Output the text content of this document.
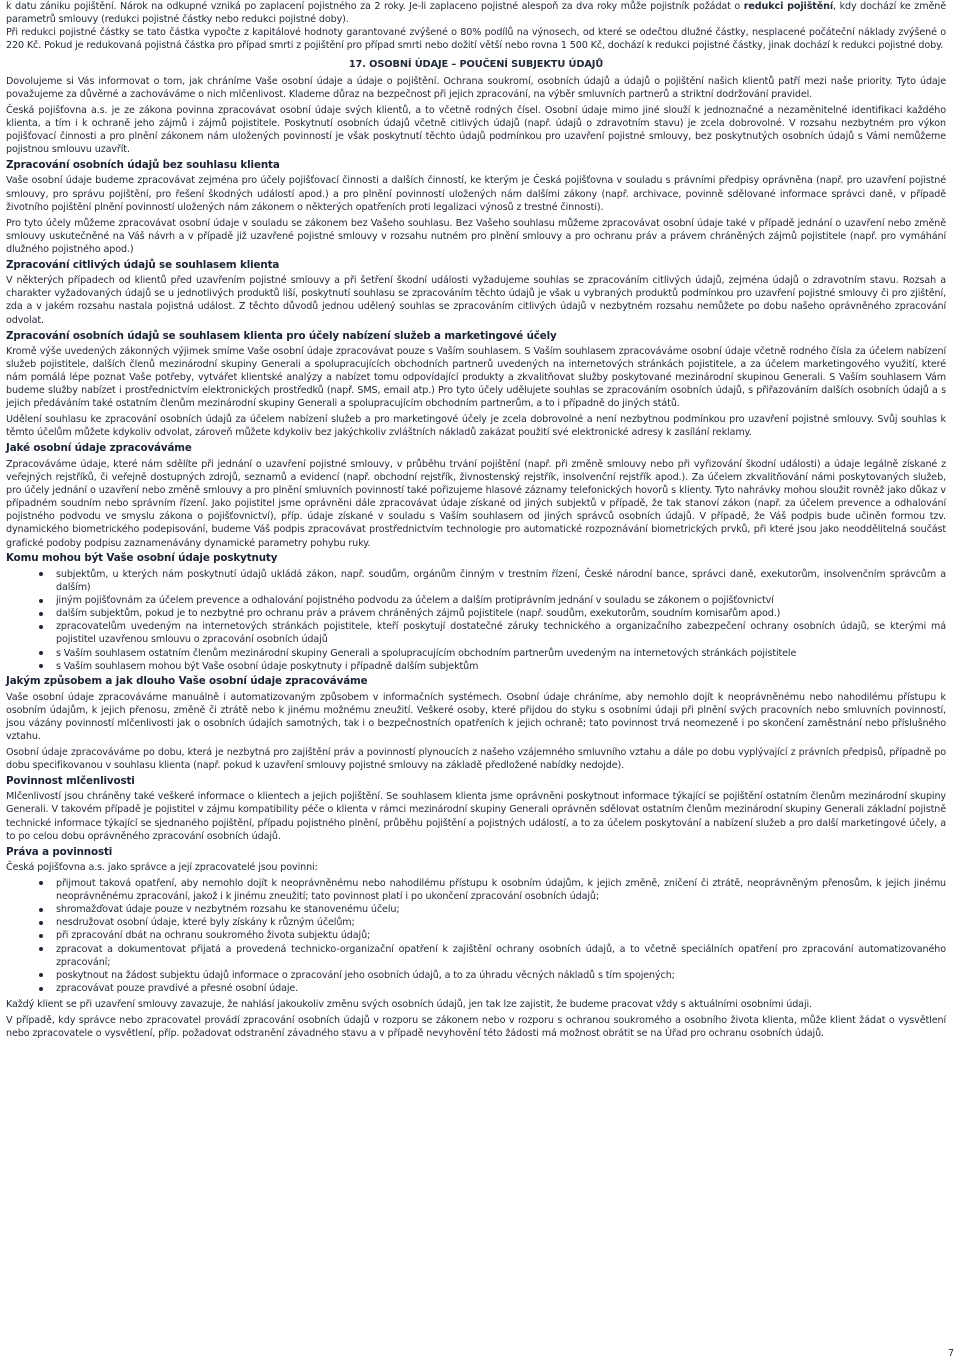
k datu zániku pojištění. Nárok na odkupné vzniká po zaplacení pojistného za 2 roky. Je-li zaplaceno pojistné alespoň za dva roky může pojistník požádat o redukci pojištění, kdy dochází ke změně parametrů smlouvy (redukci pojistné částky nebo redukci pojistné doby).

Při redukci pojistné částky se tato částka vypočte z kapitálové hodnoty garantované zvýšené o 80% podílů na výnosech, od které se odečtou dlužné částky, nesplacené počáteční náklady zvýšené o 220 Kč. Pokud je redukovaná pojistná částka pro případ smrti z pojištění pro případ smrti nebo dožití větší nebo rovna 1 500 Kč, dochází k redukci pojistné částky, jinak dochází k redukci pojistné doby.

17. OSOBNÍ ÚDAJE – POUČENÍ SUBJEKTU ÚDAJŮ

Dovolujeme si Vás informovat o tom, jak chráníme Vaše osobní údaje a údaje o pojištění. Ochrana soukromí, osobních údajů a údajů o pojištění našich klientů patří mezi naše priority. Tyto údaje považujeme za důvěrné a zachováváme o nich mlčenlivost. Klademe důraz na bezpečnost při jejich zpracování, na výběr smluvních partnerů a striktní dodržování pravidel.

Česká pojišťovna a.s. je ze zákona povinna zpracovávat osobní údaje svých klientů, a to včetně rodných čísel. Osobní údaje mimo jiné slouží k jednoznačné a nezaměnitelné identifikaci každého klienta, a tím i k ochraně jeho zájmů i zájmů pojistitele. Poskytnutí osobních údajů včetně citlivých údajů (např. údajů o zdravotním stavu) je zcela dobrovolné. V rozsahu nezbytném pro výkon pojišťovací činnosti a pro plnění zákonem nám uložených povinností je však poskytnutí těchto údajů podmínkou pro uzavření pojistné smlouvy, bez poskytnutých osobních údajů s Vámi nemůžeme pojistnou smlouvu uzavřít.

Zpracování osobních údajů bez souhlasu klienta

Vaše osobní údaje budeme zpracovávat zejména pro účely pojišťovací činnosti a dalších činností, ke kterým je Česká pojišťovna v souladu s právními předpisy oprávněna (např. pro uzavření pojistné smlouvy, pro správu pojištění, pro řešení škodných událostí apod.) a pro plnění povinností uložených nám dalšími zákony (např. archivace, povinně sdělované informace správci daně, v případě životního pojištění plnění povinností uložených nám zákonem o některých opatřeních proti legalizaci výnosů z trestné činnosti).

Pro tyto účely můžeme zpracovávat osobní údaje v souladu se zákonem bez Vašeho souhlasu. Bez Vašeho souhlasu můžeme zpracovávat osobní údaje také v případě jednání o uzavření nebo změně smlouvy uskutečněné na Váš návrh a v případě již uzavřené pojistné smlouvy v rozsahu nutném pro plnění smlouvy a pro ochranu práv a právem chráněných zájmů pojistitele (např. pro vymáhání dlužného pojistného apod.)

Zpracování citlivých údajů se souhlasem klienta

V některých případech od klientů před uzavřením pojistné smlouvy a při šetření škodní události vyžadujeme souhlas se zpracováním citlivých údajů, zejména údajů o zdravotním stavu. Rozsah a charakter vyžadovaných údajů se u jednotlivých produktů liší, poskytnutí souhlasu se zpracováním těchto údajů je však u vybraných produktů podmínkou pro uzavření pojistné smlouvy či pro zjištění, zda a v jakém rozsahu nastala pojistná událost. Z těchto důvodů jednou udělený souhlas se zpracováním citlivých údajů v nezbytném rozsahu nemůžete po dobu našeho oprávněného zpracování odvolat.

Zpracování osobních údajů se souhlasem klienta pro účely nabízení služeb a marketingové účely

Kromě výše uvedených zákonných výjimek smíme Vaše osobní údaje zpracovávat pouze s Vaším souhlasem. S Vaším souhlasem zpracováváme osobní údaje včetně rodného čísla za účelem nabízení služeb pojistitele, dalších členů mezinárodní skupiny Generali a spolupracujících obchodních partnerů uvedených na internetových stránkách pojistitele, a za účelem marketingového využití, které nám pomálá lépe poznat Vaše potřeby, vytvářet klientské analýzy a nabízet tomu odpovídající produkty a zkvalitňovat služby poskytované mezinárodní skupinou Generali. S Vaším souhlasem Vám budeme služby nabízet i prostřednictvím elektronických prostředků (např. SMS, email atp.) Pro tyto účely udělujete souhlas se zpracováním osobních údajů, s přiřazováním dalších osobních údajů a s jejich předáváním také ostatním členům mezinárodní skupiny Generali a spolupracujícím obchodním partnerům, a to i případně do jiných států.

Udělení souhlasu ke zpracování osobních údajů za účelem nabízení služeb a pro marketingové účely je zcela dobrovolné a není nezbytnou podmínkou pro uzavření pojistné smlouvy. Svůj souhlas k těmto účelům můžete kdykoliv odvolat, zároveň můžete kdykoliv bez jakýchkoliv zvláštních nákladů zakázat použití své elektronické adresy k zasílání reklamy.

Jaké osobní údaje zpracováváme

Zpracováváme údaje, které nám sdělíte při jednání o uzavření pojistné smlouvy, v průběhu trvání pojištění (např. při změně smlouvy nebo při vyřizování škodní události) a údaje legálně získané z veřejných rejstříků, či veřejně dostupných zdrojů, seznamů a evidencí (např. obchodní rejstřík, živnostenský rejstřík, insolvenční rejstřík apod.). Za účelem zkvalitňování námi poskytovaných služeb, pro účely jednání o uzavření nebo změně smlouvy a pro plnění smluvních povinností také pořizujeme hlasové záznamy telefonických hovorů s klienty. Tyto nahrávky mohou sloužit rovněž jako důkaz v případném soudním nebo správním řízení. Jako pojistitel jsme oprávněni dále zpracovávat údaje získané od jiných subjektů v případě, že tak stanoví zákon (např. za účelem prevence a odhalování pojistného podvodu ve smyslu zákona o pojišťovnictví), příp. údaje získané v souladu s Vaším souhlasem od jiných správců osobních údajů. V případě, že Váš podpis bude učiněn formou tzv. dynamického biometrického podepisování, budeme Váš podpis zpracovávat prostřednictvím technologie pro automatické rozpoznávání biometrických prvků, při které jsou jako neoddělitelná součást grafické podoby podpisu zaznamenávány dynamické parametry pohybu ruky.

Komu mohou být Vaše osobní údaje poskytnuty
subjektům, u kterých nám poskytnutí údajů ukládá zákon, např. soudům, orgánům činným v trestním řízení, České národní bance, správci daně, exekutorům, insolvenčním správcům a dalším)
jiným pojišťovnám za účelem prevence a odhalování pojistného podvodu za účelem a dalším protiprávním jednání v souladu se zákonem o pojišťovnictví
dalším subjektům, pokud je to nezbytné pro ochranu práv a právem chráněných zájmů pojistitele (např. soudům, exekutorům, soudním komisařům apod.)
zpracovatelům uvedeným na internetových stránkách pojistitele, kteří poskytují dostatečné záruky technického a organizačního zabezpečení ochrany osobních údajů, se kterými má pojistitel uzavřenou smlouvu o zpracování osobních údajů
s Vaším souhlasem ostatním členům mezinárodní skupiny Generali a spolupracujícím obchodním partnerům uvedeným na internetových stránkách pojistitele
s Vaším souhlasem mohou být Vaše osobní údaje poskytnuty i případně dalším subjektům
Jakým způsobem a jak dlouho Vaše osobní údaje zpracováváme

Vaše osobní údaje zpracováváme manuálně i automatizovaným způsobem v informačních systémech. Osobní údaje chráníme, aby nemohlo dojít k neoprávněnému nebo nahodilému přístupu k osobním údajům, k jejich přenosu, změně či ztrátě nebo k jinému možnému zneužití. Veškeré osoby, které přijdou do styku s osobními údaji při plnění svých pracovních nebo smluvních povinností, jsou vázány povinností mlčenlivosti jak o osobních údajích samotných, tak i o bezpečnostních opatřeních k jejich ochraně; tato povinnost trvá neomezeně i po skončení zaměstnání nebo příslušného vztahu.

Osobní údaje zpracováváme po dobu, která je nezbytná pro zajištění práv a povinností plynoucích z našeho vzájemného smluvního vztahu a dále po dobu vyplývající z právních předpisů, případně po dobu specifikovanou v souhlasu klienta (např. pokud k uzavření smlouvy pojistné smlouvy na základě předložené nabídky nedojde).

Povinnost mlčenlivosti

Mlčenlivostí jsou chráněny také veškeré informace o klientech a jejich pojištění. Se souhlasem klienta jsme oprávněni poskytnout informace týkající se pojištění ostatním členům mezinárodní skupiny Generali. V takovém případě je pojistitel v zájmu kompatibility péče o klienta v rámci mezinárodní skupiny Generali oprávněn sdělovat ostatním členům mezinárodní skupiny Generali základní pojistně technické informace týkající se sjednaného pojištění, případu pojistného plnění, průběhu pojištění a pojistných událostí, a to za účelem poskytování a nabízení služeb a pro další marketingové účely, a to po celou dobu oprávněného zpracování osobních údajů.

Práva a povinnosti

Česká pojišťovna a.s. jako správce a její zpracovatelé jsou povinni:

přijmout taková opatření, aby nemohlo dojít k neoprávněnému nebo nahodilému přístupu k osobním údajům, k jejich změně, zničení či ztrátě, neoprávněným přenosům, k jejich jinému neoprávněnému zpracování, jakož i k jinému zneužití; tato povinnost platí i po ukončení zpracování osobních údajů;
shromažďovat údaje pouze v nezbytném rozsahu ke stanovenému účelu;
nesdružovat osobní údaje, které byly získány k různým účelům;
při zpracování dbát na ochranu soukromého života subjektu údajů;
zpracovat a dokumentovat přijatá a provedená technicko-organizační opatření k zajištění ochrany osobních údajů, a to včetně speciálních opatření pro zpracování automatizovaného zpracování;
poskytnout na žádost subjektu údajů informace o zpracování jeho osobních údajů, a to za úhradu věcných nákladů s tím spojených;
zpracovávat pouze pravdivé a přesné osobní údaje.

Každý klient se při uzavření smlouvy zavazuje, že nahlásí jakoukoliv změnu svých osobních údajů, jen tak lze zajistit, že budeme pracovat vždy s aktuálními osobními údaji.

V případě, kdy správce nebo zpracovatel provádí zpracování osobních údajů v rozporu se zákonem nebo v rozporu s ochranou soukromého a osobního života klienta, může klient žádat o vysvětlení nebo zpracovatele o vysvětlení, příp. požadovat odstranění závadného stavu a v případě nevyhovění této žádosti má možnost obrátit se na Úřad pro ochranu osobních údajů.

7
